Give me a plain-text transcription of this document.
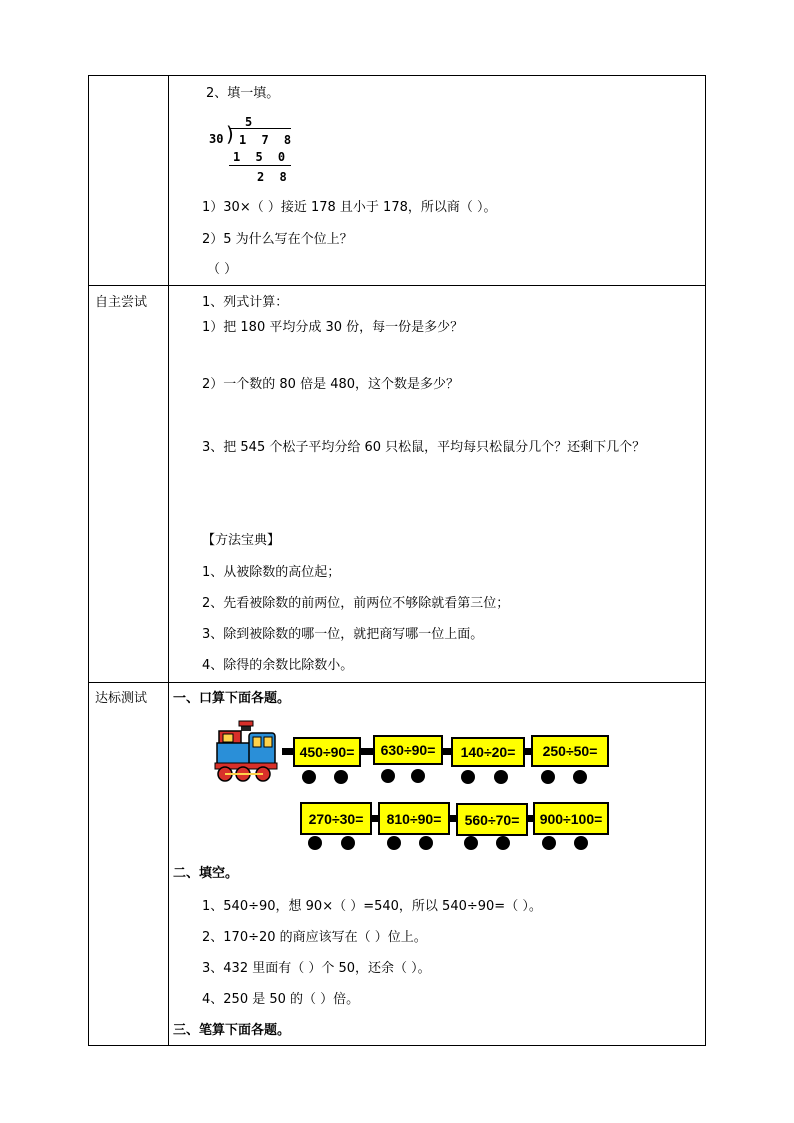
2、填一填。
5
30 ) 1 7 8
1 5 0
2 8
1）30×（ ）接近 178 且小于 178，所以商（ ）。
2）5 为什么写在个位上？
（ ）
自主尝试	1、列式计算：
1）把 180 平均分成 30 份，每一份是多少？
2）一个数的 80 倍是 480，这个数是多少？
3、把 545 个松子平均分给 60 只松鼠，平均每只松鼠分几个？还剩下几个？
【方法宝典】
1、从被除数的高位起；
2、先看被除数的前两位，前两位不够除就看第三位；
3、除到被除数的哪一位，就把商写哪一位上面。
4、除得的余数比除数小。
达标测试 一、口算下面各题。
450÷90=	630÷90=	140÷20=	250÷50=
270÷30=	810÷90=	560÷70=	900÷100=
二、填空。
1、540÷90，想 90×（ ）=540，所以 540÷90=（ ）。
2、170÷20 的商应该写在（ ）位上。
3、432 里面有（ ）个 50，还余（ ）。
4、250 是 50 的（ ）倍。
三、笔算下面各题。
